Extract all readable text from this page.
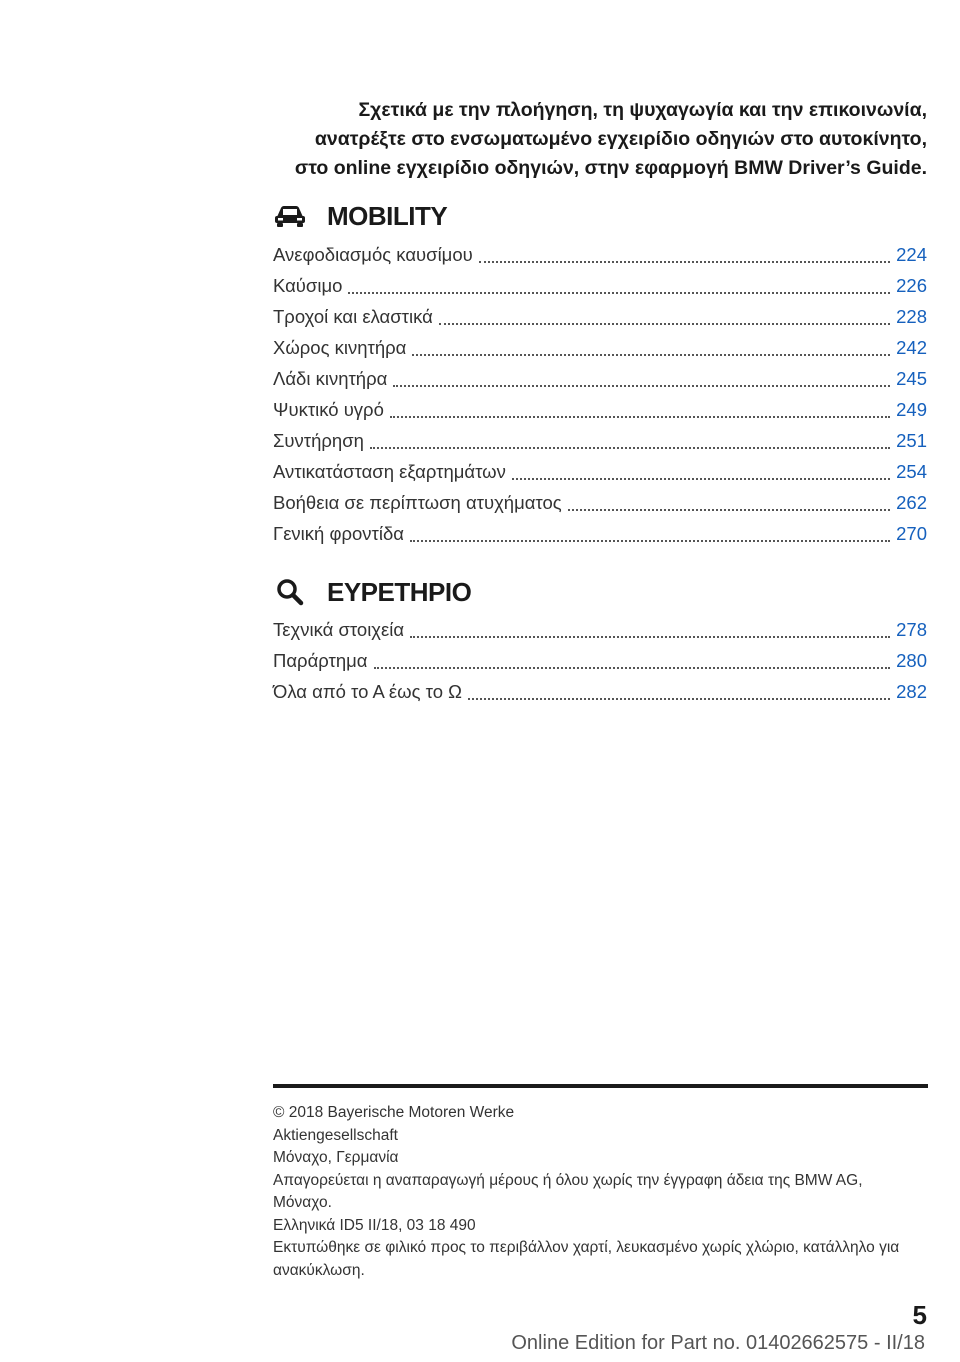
Σχετικά με την πλοήγηση, τη ψυχαγωγία και την επικοινωνία,
ανατρέξτε στο ενσωματωμένο εγχειρίδιο οδηγιών στο αυτοκίνητο,
στο online εγχειρίδιο οδηγιών, στην εφαρμογή BMW Driver’s Guide.
MOBILITY
Ανεφοδιασμός καυσίμου	224
Καύσιμο	226
Τροχοί και ελαστικά	228
Χώρος κινητήρα	242
Λάδι κινητήρα	245
Ψυκτικό υγρό	249
Συντήρηση	251
Αντικατάσταση εξαρτημάτων	254
Βοήθεια σε περίπτωση ατυχήματος	262
Γενική φροντίδα	270
ΕΥΡΕΤΗΡΙΟ
Τεχνικά στοιχεία	278
Παράρτημα	280
Όλα από το Α έως το Ω	282
© 2018 Bayerische Motoren Werke
Aktiengesellschaft
Μόναχο, Γερμανία
Απαγορεύεται η αναπαραγωγή μέρους ή όλου χωρίς την έγγραφη άδεια της BMW AG,
Μόναχο.
Ελληνικά ID5 II/18, 03 18 490
Εκτυπώθηκε σε φιλικό προς το περιβάλλον χαρτί, λευκασμένο χωρίς χλώριο, κατάλληλο για
ανακύκλωση.
5
Online Edition for Part no. 01402662575 - II/18
